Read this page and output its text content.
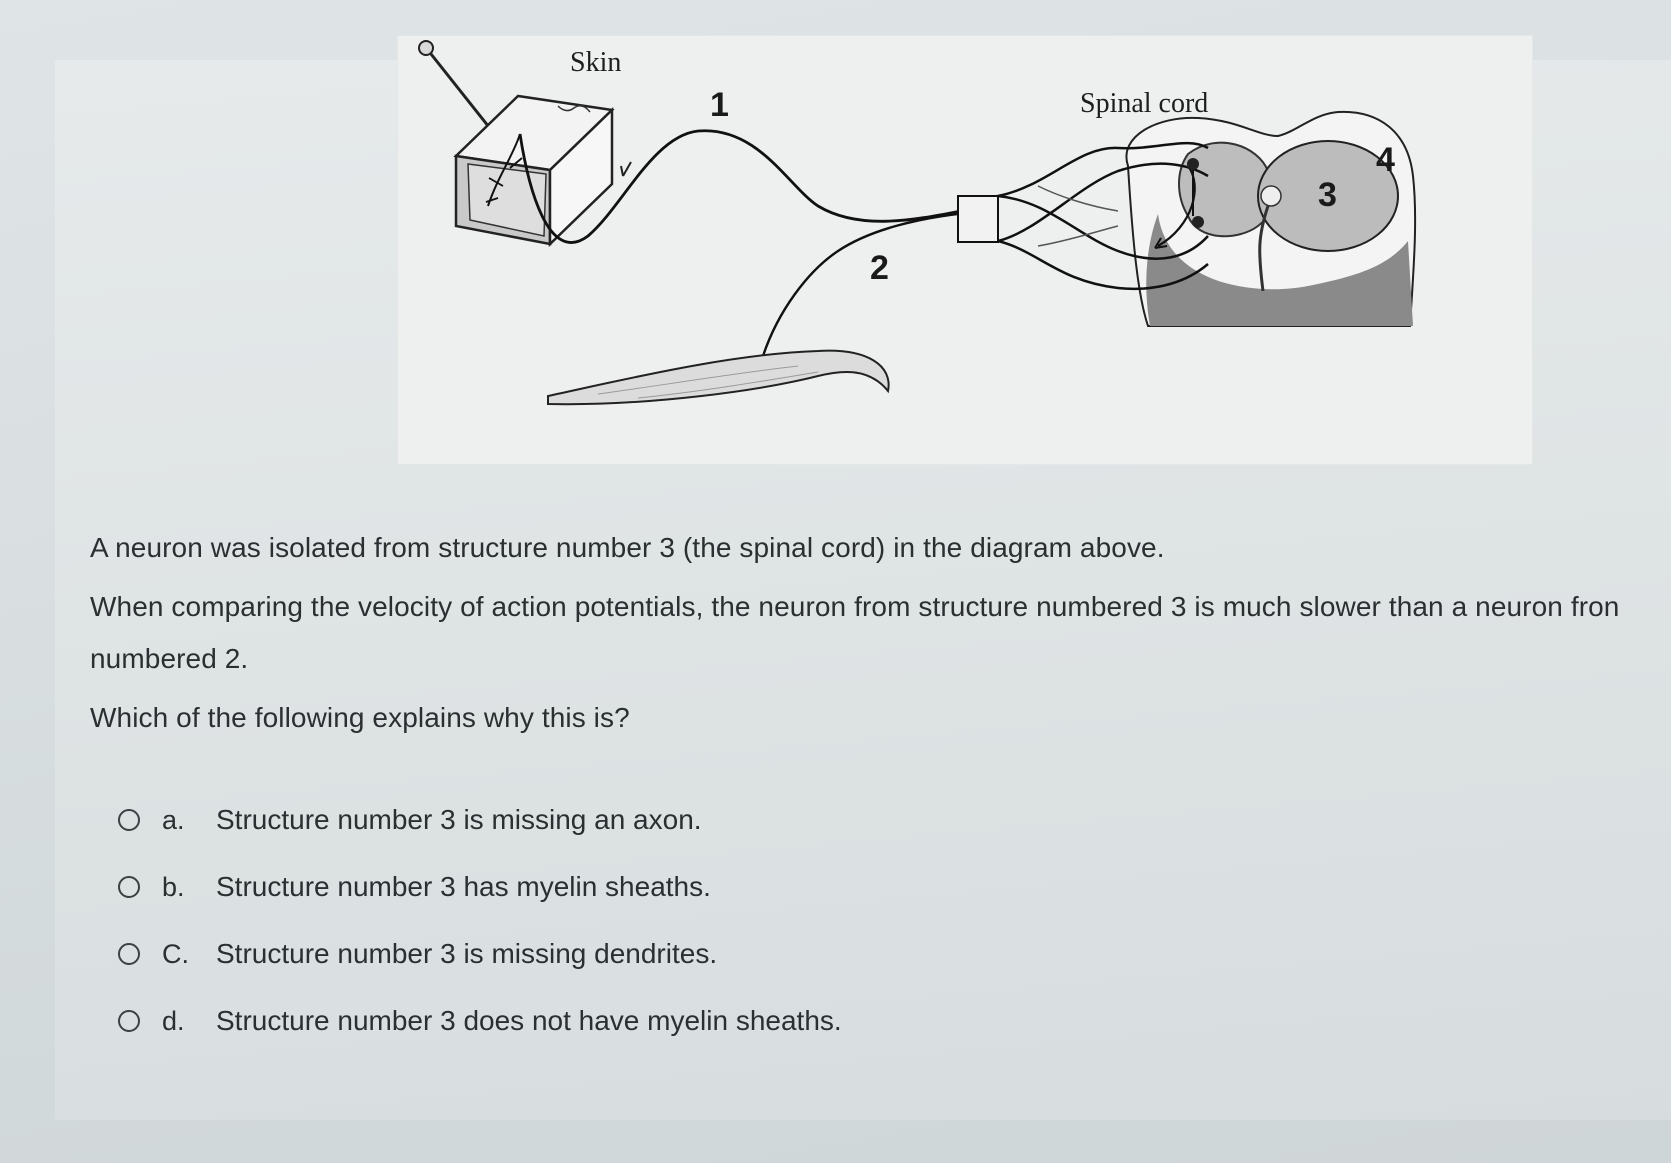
Skin
Spinal cord
1
2
3
4

A neuron was isolated from structure number 3 (the spinal cord) in the diagram above.

When comparing the velocity of action potentials, the neuron from structure numbered 3 is much slower than a neuron fron

numbered 2.

Which of the following explains why this is?

a.	Structure number 3 is missing an axon.
b.	Structure number 3 has myelin sheaths.
C. Structure number 3 is missing dendrites.
d.	Structure number 3 does not have myelin sheaths.
